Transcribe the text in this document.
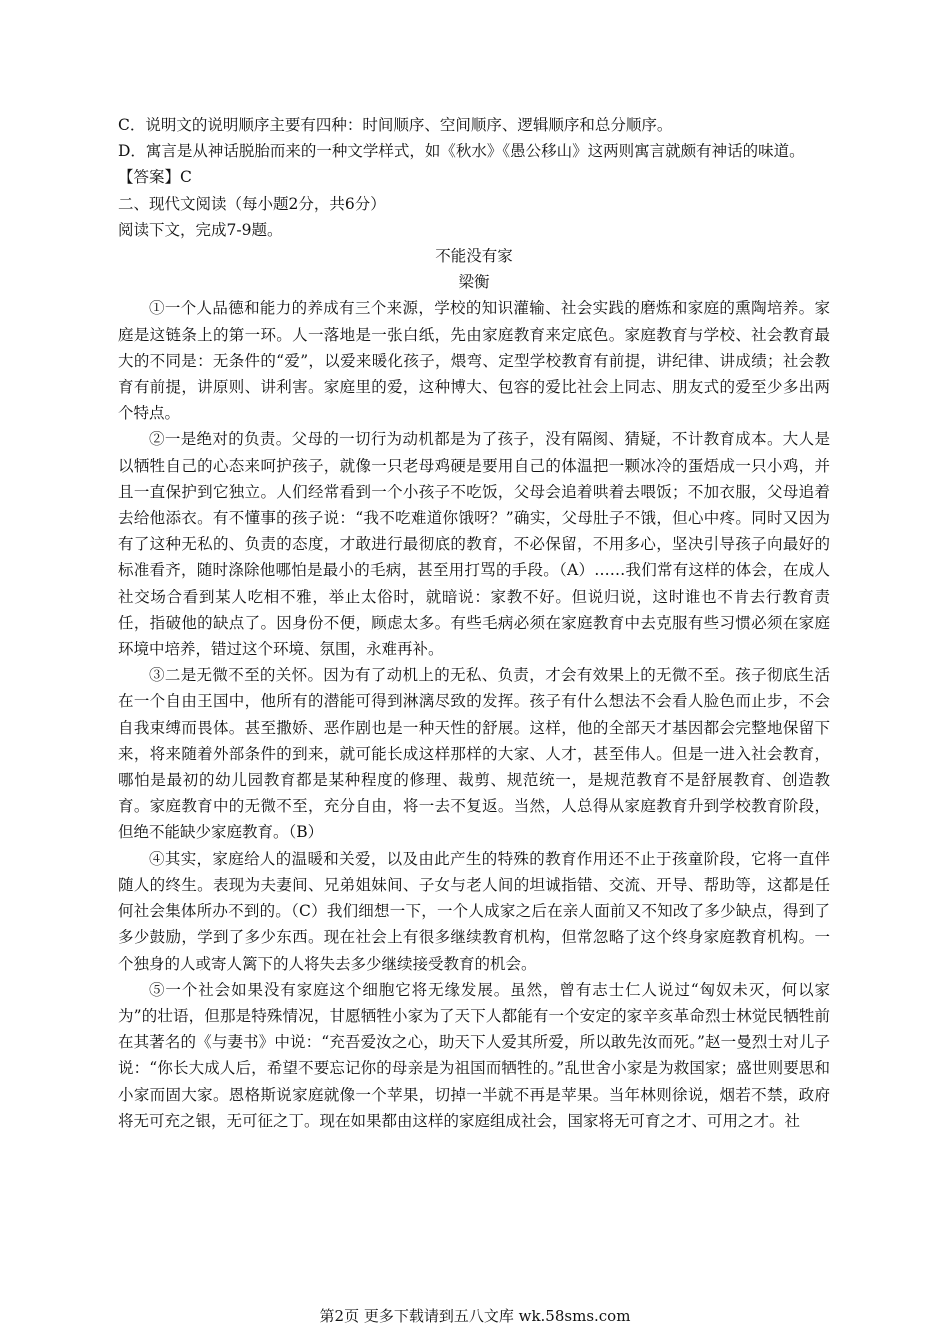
C．说明文的说明顺序主要有四种：时间顺序、空间顺序、逻辑顺序和总分顺序。

D．寓言是从神话脱胎而来的一种文学样式，如《秋水》《愚公移山》这两则寓言就颇有神话的味道。

【答案】C

二、现代文阅读（每小题2分，共6分）

阅读下文，完成7-9题。

不能没有家

梁衡

①一个人品德和能力的养成有三个来源，学校的知识灌输、社会实践的磨炼和家庭的熏陶培养。家庭是这链条上的第一环。人一落地是一张白纸，先由家庭教育来定底色。家庭教育与学校、社会教育最大的不同是：无条件的“爱”，以爱来暖化孩子，煨弯、定型学校教育有前提，讲纪律、讲成绩；社会教育有前提，讲原则、讲利害。家庭里的爱，这种博大、包容的爱比社会上同志、朋友式的爱至少多出两个特点。

②一是绝对的负责。父母的一切行为动机都是为了孩子，没有隔阂、猜疑，不计教育成本。大人是以牺牲自己的心态来呵护孩子，就像一只老母鸡硬是要用自己的体温把一颗冰冷的蛋焐成一只小鸡，并且一直保护到它独立。人们经常看到一个小孩子不吃饭，父母会追着哄着去喂饭；不加衣服，父母追着去给他添衣。有不懂事的孩子说：“我不吃难道你饿呀？”确实，父母肚子不饿，但心中疼。同时又因为有了这种无私的、负责的态度，才敢进行最彻底的教育，不必保留，不用多心，坚决引导孩子向最好的标准看齐，随时涤除他哪怕是最小的毛病，甚至用打骂的手段。（A）……我们常有这样的体会，在成人社交场合看到某人吃相不雅，举止太俗时，就暗说：家教不好。但说归说，这时谁也不肯去行教育责任，指破他的缺点了。因身份不便，顾虑太多。有些毛病必须在家庭教育中去克服有些习惯必须在家庭环境中培养，错过这个环境、氛围，永难再补。

③二是无微不至的关怀。因为有了动机上的无私、负责，才会有效果上的无微不至。孩子彻底生活在一个自由王国中，他所有的潜能可得到淋漓尽致的发挥。孩子有什么想法不会看人脸色而止步，不会自我束缚而畏体。甚至撒娇、恶作剧也是一种天性的舒展。这样，他的全部天才基因都会完整地保留下来，将来随着外部条件的到来，就可能长成这样那样的大家、人才，甚至伟人。但是一进入社会教育，哪怕是最初的幼儿园教育都是某种程度的修理、裁剪、规范统一，是规范教育不是舒展教育、创造教育。家庭教育中的无微不至，充分自由，将一去不复返。当然，人总得从家庭教育升到学校教育阶段，但绝不能缺少家庭教育。（B）

④其实，家庭给人的温暖和关爱，以及由此产生的特殊的教育作用还不止于孩童阶段，它将一直伴随人的终生。表现为夫妻间、兄弟姐妹间、子女与老人间的坦诚指错、交流、开导、帮助等，这都是任何社会集体所办不到的。（C）我们细想一下，一个人成家之后在亲人面前又不知改了多少缺点，得到了多少鼓励，学到了多少东西。现在社会上有很多继续教育机构，但常忽略了这个终身家庭教育机构。一个独身的人或寄人篱下的人将失去多少继续接受教育的机会。

⑤一个社会如果没有家庭这个细胞它将无缘发展。虽然，曾有志士仁人说过“匈奴未灭，何以家为”的壮语，但那是特殊情况，甘愿牺牲小家为了天下人都能有一个安定的家辛亥革命烈士林觉民牺牲前在其著名的《与妻书》中说：“充吾爱汝之心，助天下人爱其所爱，所以敢先汝而死。”赵一曼烈士对儿子说：“你长大成人后，希望不要忘记你的母亲是为祖国而牺牲的。”乱世舍小家是为救国家；盛世则要思和小家而固大家。恩格斯说家庭就像一个苹果，切掉一半就不再是苹果。当年林则徐说，烟若不禁，政府将无可充之银，无可征之丁。现在如果都由这样的家庭组成社会，国家将无可育之才、可用之才。社

第2页 更多下载请到五八文库 wk.58sms.com
